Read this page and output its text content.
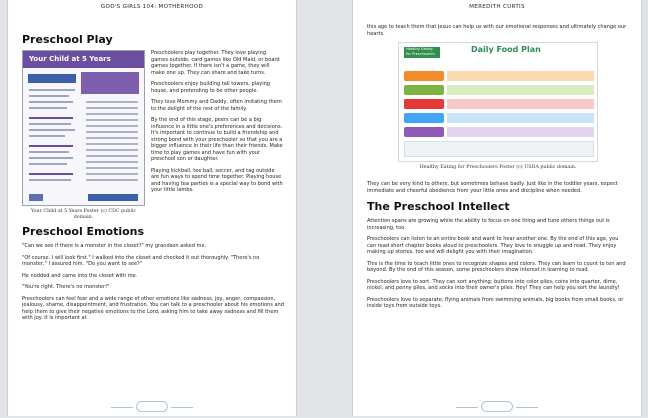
GOD'S GIRLS 104: MOTHERHOOD
Preschool Play
Your Child at 5 Years
Your Child at 5 Years Poster (c) CDC public domain.

Preschoolers play together. They love playing games outside, card games like Old Maid, or board games together. If there isn't a game, they will make one up. They can share and take turns.

Preschoolers enjoy building tall towers, playing house, and pretending to be other people.

They love Mommy and Daddy, often imitating them to the delight of the rest of the family.

By the end of this stage, peers can be a big influence in a little one's preferences and decisions. It's important to continue to build a friendship and strong bond with your preschooler so that you are a bigger influence in their life than their friends. Make time to play games and have fun with your preschool son or daughter.

Playing kickball, tee ball, soccer, and tag outside are fun ways to spend time together. Playing house and having tea parties is a special way to bond with your little lambs.

Preschool Emotions

"Can we see if there is a monster in the closet?" my grandson asked me.

"Of course. I will look first." I walked into the closet and checked it out thoroughly. "There's no monster," I assured him. "Do you want to see?"

He nodded and came into the closet with me.

"You're right. There's no monster!"

Preschoolers can feel fear and a wide range of other emotions like sadness, joy, anger, compassion, jealousy, shame, disappointment, and frustration. You can talk to a preschooler about his emotions and help them to give their negative emotions to the Lord, asking him to take away sadness and fill them with joy. It is important at

MEREDITH CURTIS

this age to teach them that Jesus can help us with our emotional responses and ultimately change our hearts.

Healthy Eating for Preschoolers	Daily Food Plan
Healthy Eating for Preschoolers Poster (c) USDA public domain.

They can be very kind to others, but sometimes behave badly. Just like in the toddler years, expect immediate and cheerful obedience from your little ones and discipline when needed.

The Preschool Intellect

Attention spans are growing while the ability to focus on one thing and tune others things out is increasing, too.

Preschoolers can listen to an entire book and want to hear another one. By the end of this age, you can read short chapter books aloud to preschoolers. They love to snuggle up and read. They enjoy making up stories, too and will delight you with their imagination.

This is the time to teach little ones to recognize shapes and colors. They can learn to count to ten and beyond. By the end of this season, some preschoolers show interest in learning to read.

Preschoolers love to sort. They can sort anything: buttons into color piles, coins into quarter, dime, nickel, and penny piles, and socks into their owner's piles. Hey! They can help you sort the laundry!

Preschoolers love to separate; flying animals from swimming animals, big books from small books, or inside toys from outside toys.
